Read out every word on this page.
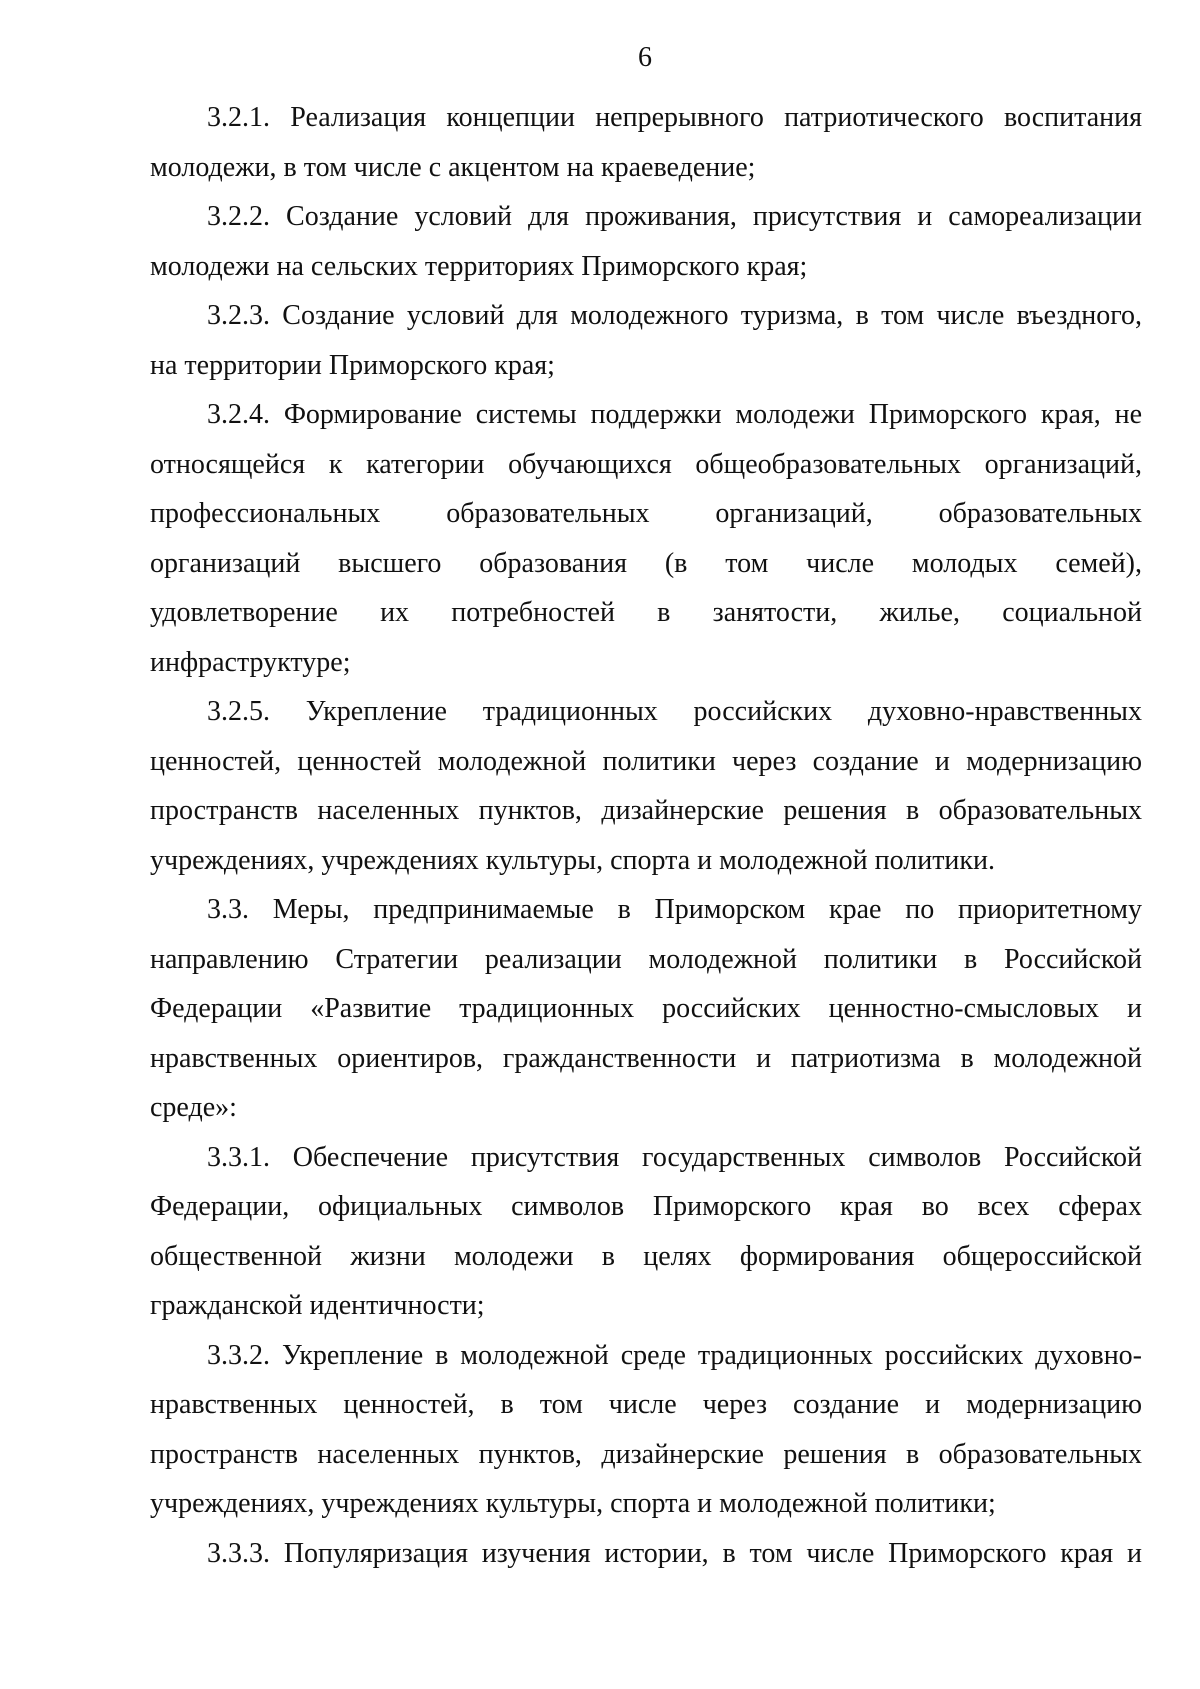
6
3.2.1. Реализация концепции непрерывного патриотического воспитания
молодежи, в том числе с акцентом на краеведение;
3.2.2. Создание условий для проживания, присутствия и самореализации
молодежи на сельских территориях Приморского края;
3.2.3. Создание условий для молодежного туризма, в том числе въездного,
на территории Приморского края;
3.2.4. Формирование системы поддержки молодежи Приморского края, не
относящейся к категории обучающихся общеобразовательных организаций,
профессиональных образовательных организаций, образовательных
организаций высшего образования (в том числе молодых семей),
удовлетворение их потребностей в занятости, жилье, социальной
инфраструктуре;
3.2.5. Укрепление традиционных российских духовно-нравственных
ценностей, ценностей молодежной политики через создание и модернизацию
пространств населенных пунктов, дизайнерские решения в образовательных
учреждениях, учреждениях культуры, спорта и молодежной политики.
3.3. Меры, предпринимаемые в Приморском крае по приоритетному
направлению Стратегии реализации молодежной политики в Российской
Федерации «Развитие традиционных российских ценностно-смысловых и
нравственных ориентиров, гражданственности и патриотизма в молодежной
среде»:
3.3.1. Обеспечение присутствия государственных символов Российской
Федерации, официальных символов Приморского края во всех сферах
общественной жизни молодежи в целях формирования общероссийской
гражданской идентичности;
3.3.2. Укрепление в молодежной среде традиционных российских духовно-
нравственных ценностей, в том числе через создание и модернизацию
пространств населенных пунктов, дизайнерские решения в образовательных
учреждениях, учреждениях культуры, спорта и молодежной политики;
3.3.3. Популяризация изучения истории, в том числе Приморского края и
